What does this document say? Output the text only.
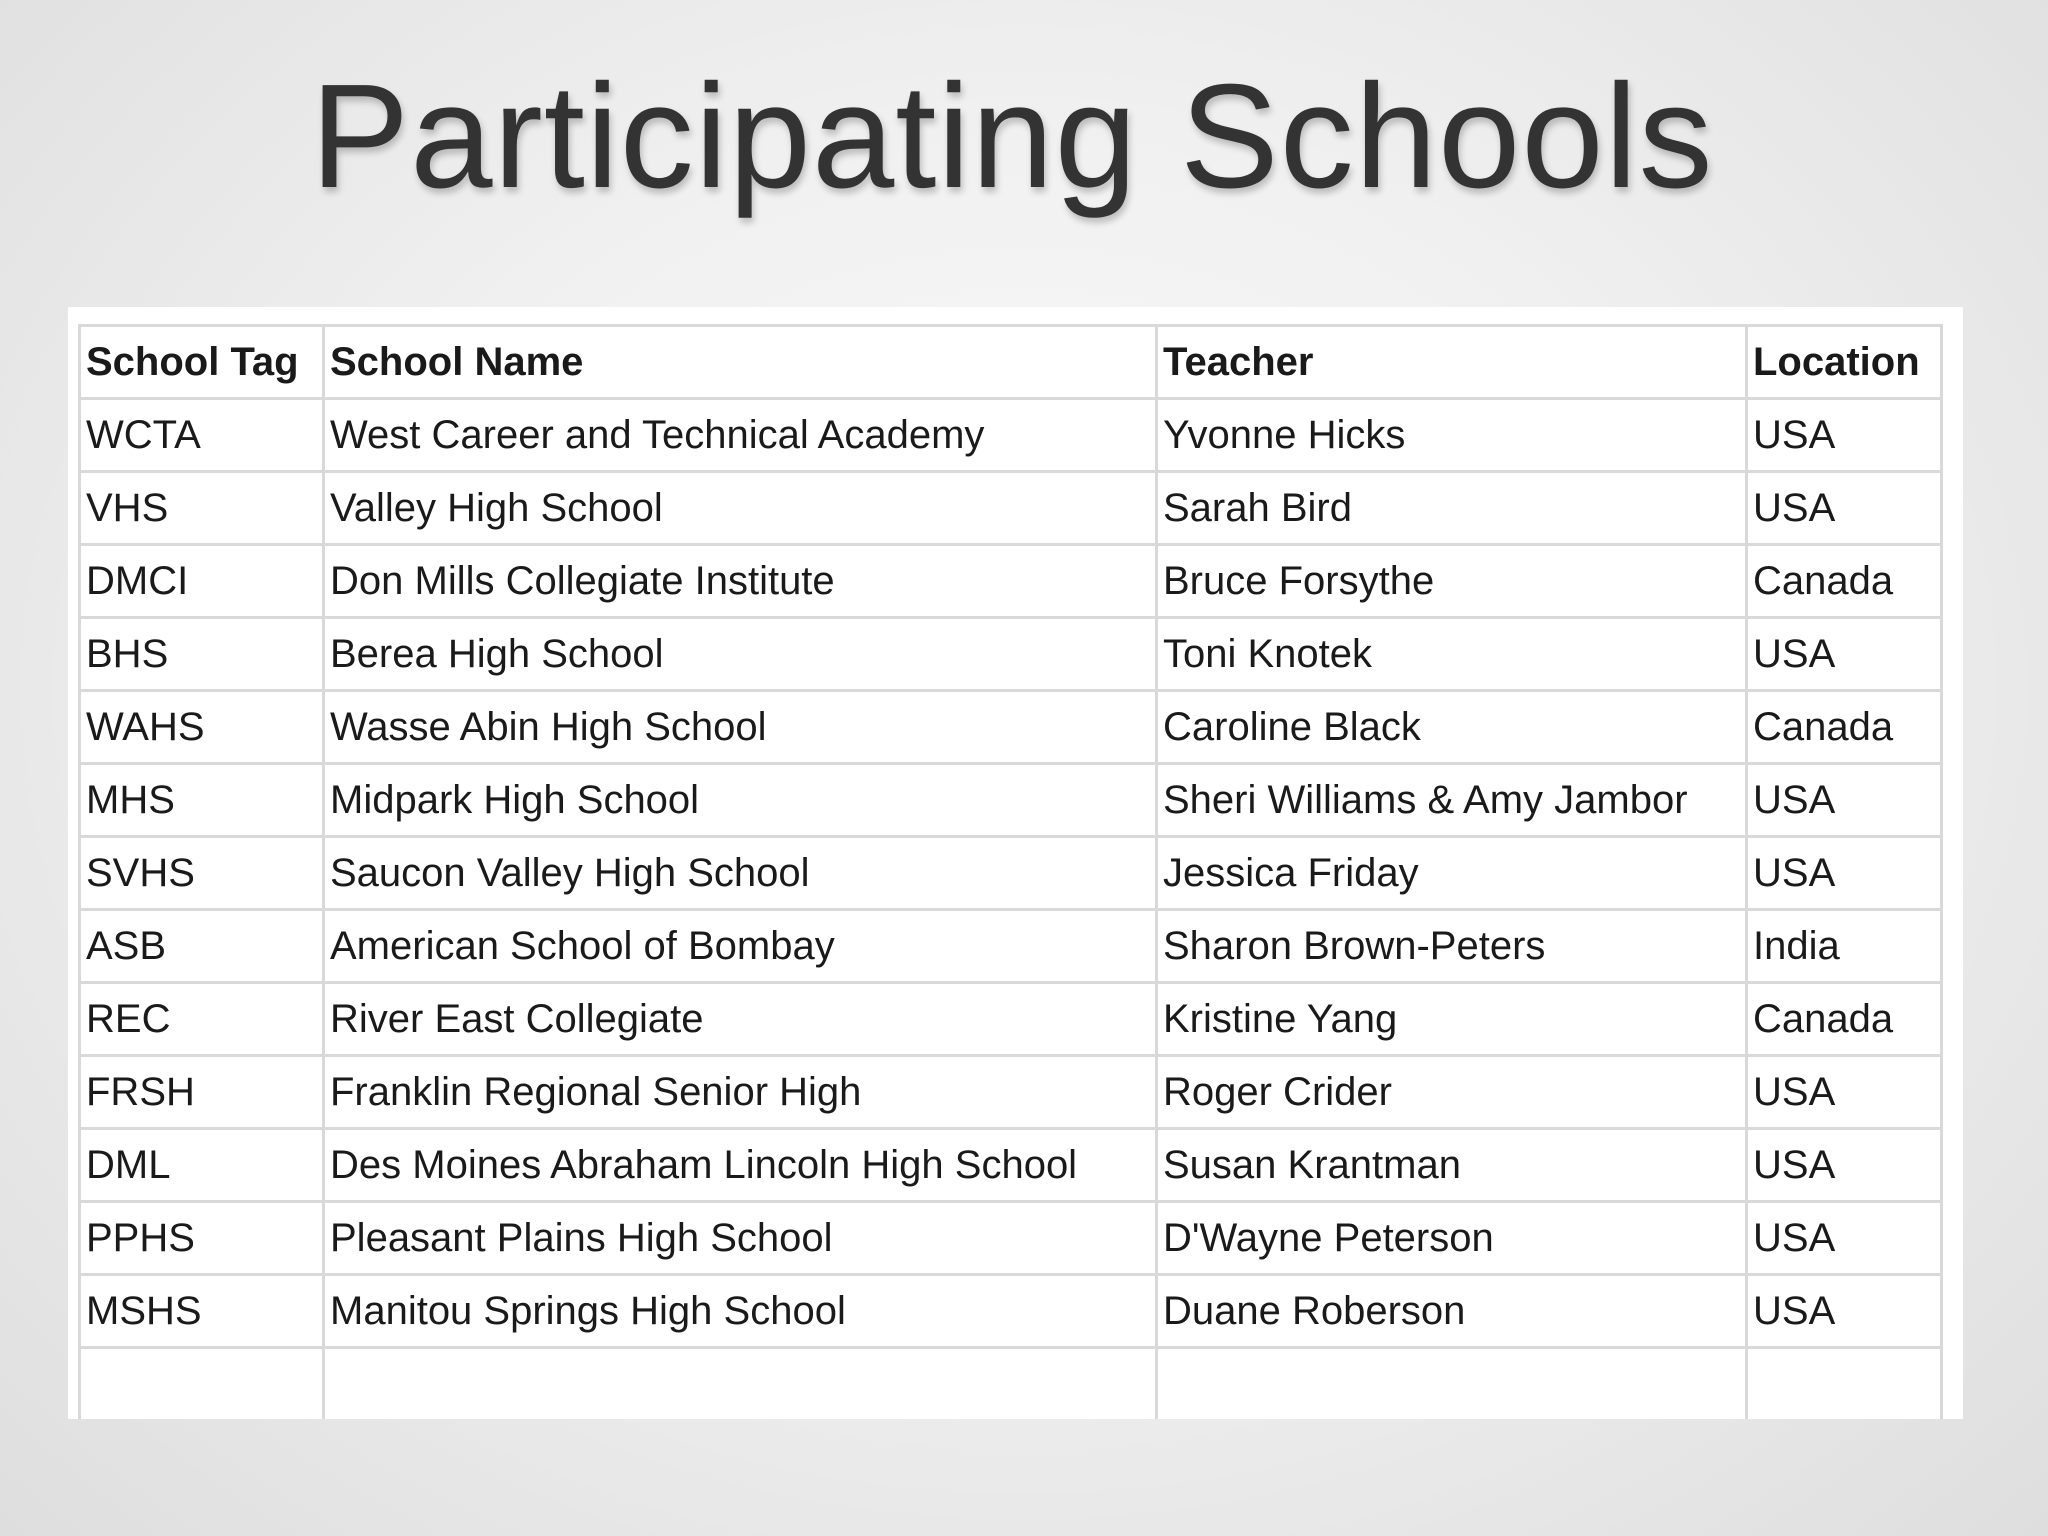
Participating Schools
School Tag	School Name	Teacher	Location
WCTA	West Career and Technical Academy	Yvonne Hicks	USA
VHS	Valley High School	Sarah Bird	USA
DMCI	Don Mills Collegiate Institute	Bruce Forsythe	Canada
BHS	Berea High School	Toni Knotek	USA
WAHS	Wasse Abin High School	Caroline Black	Canada
MHS	Midpark High School	Sheri Williams & Amy Jambor	USA
SVHS	Saucon Valley High School	Jessica Friday	USA
ASB	American School of Bombay	Sharon Brown-Peters	India
REC	River East Collegiate	Kristine Yang	Canada
FRSH	Franklin Regional Senior High	Roger Crider	USA
DML	Des Moines Abraham Lincoln High School	Susan Krantman	USA
PPHS	Pleasant Plains High School	D'Wayne Peterson	USA
MSHS	Manitou Springs High School	Duane Roberson	USA
